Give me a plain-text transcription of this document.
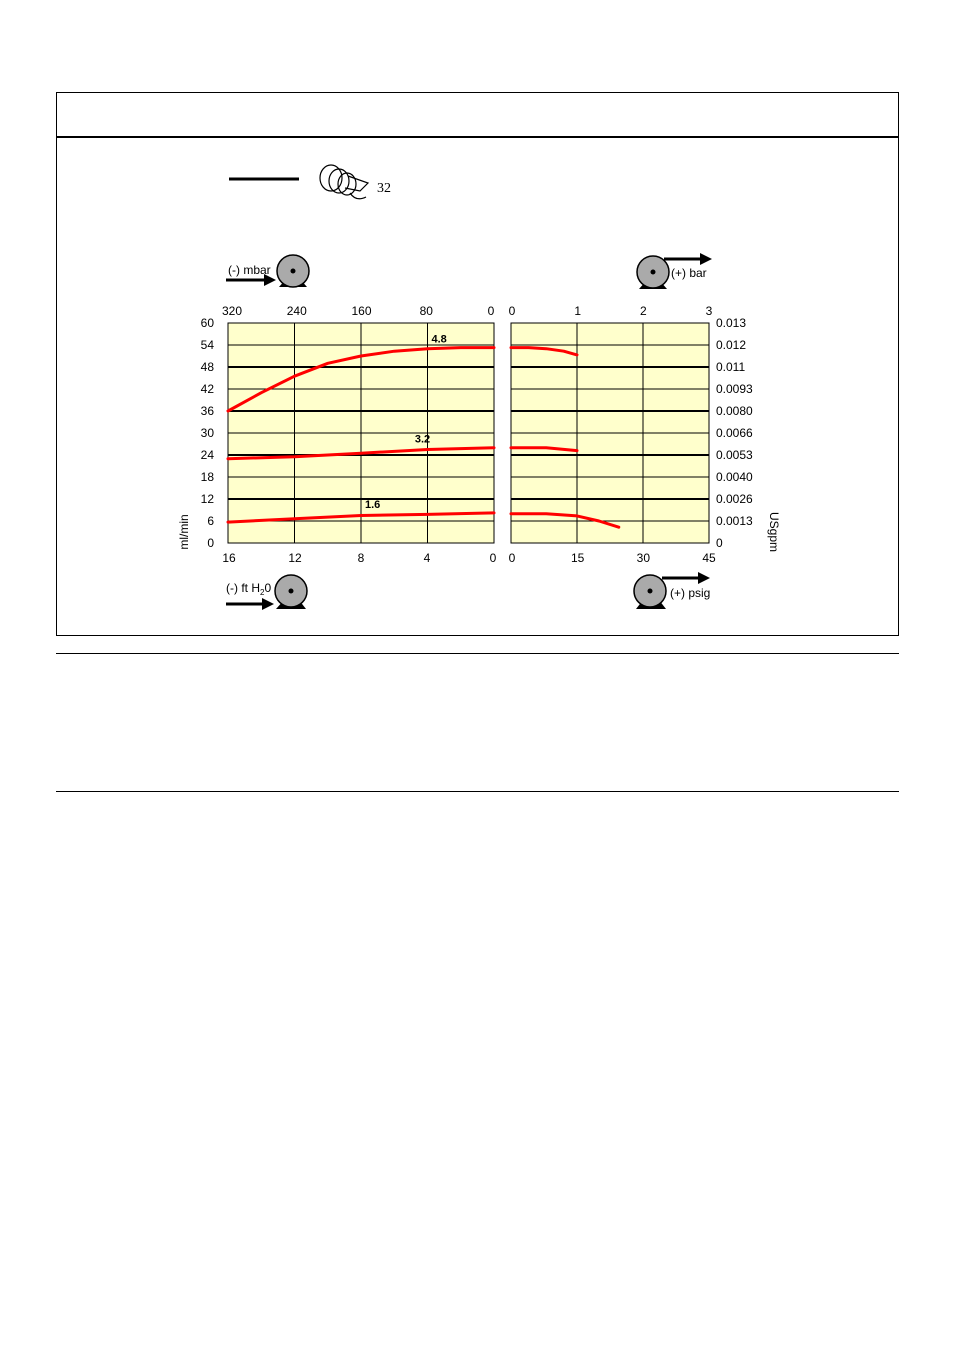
32
(-) mbar	(+) bar
(-) ft $H_20$	(+) psig
60
54
48
42
36
30
24
18
12
6
0
0.013
0.012
0.011
0.0093
0.0080
0.0066
0.0053
0.0040
0.0026
0.0013
0
320	240	160	80	0
16	12	8	4	0
0	1	2	3
0	15	30	45
4.8
3.2
1.6
ml/min	USgpm
